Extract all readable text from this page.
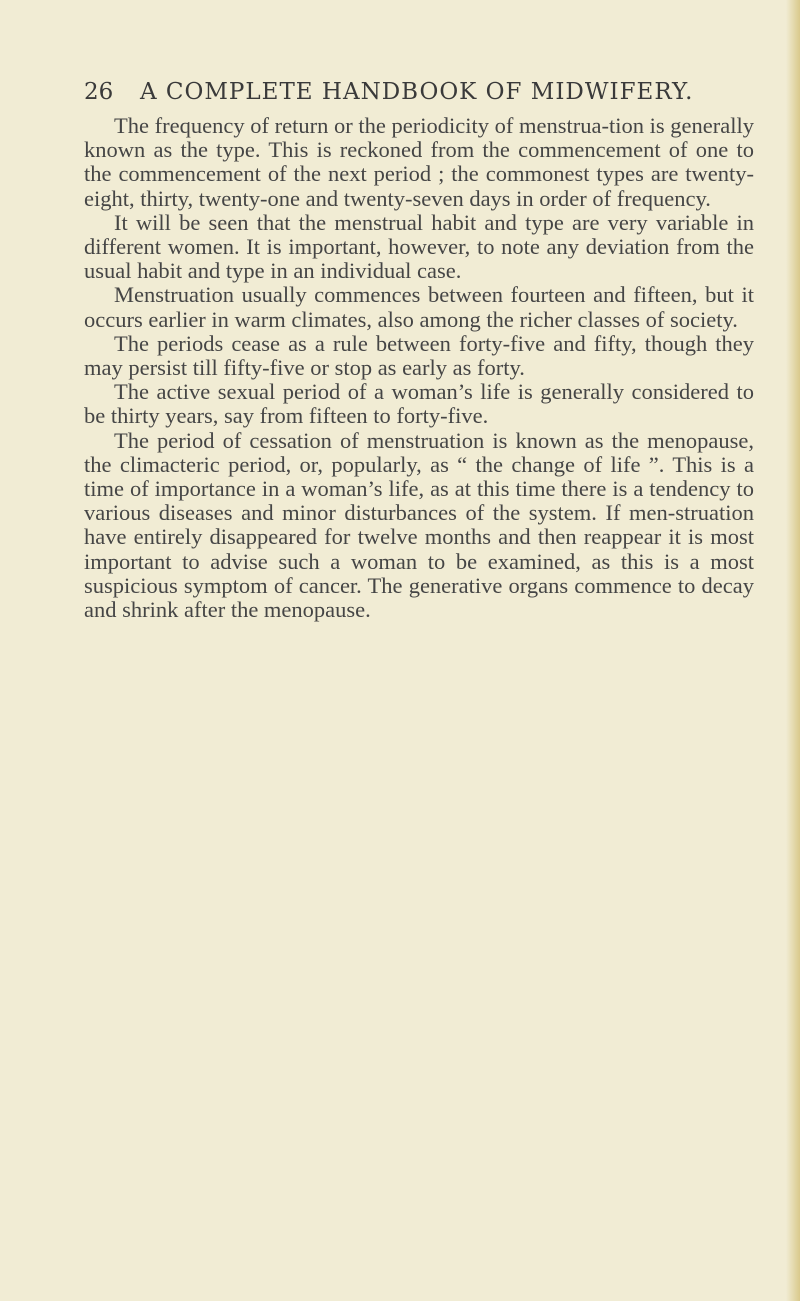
26 A COMPLETE HANDBOOK OF MIDWIFERY.

The frequency of return or the periodicity of menstrua-tion is generally known as the type. This is reckoned from the commencement of one to the commencement of the next period ; the commonest types are twenty-eight, thirty, twenty-one and twenty-seven days in order of frequency.

It will be seen that the menstrual habit and type are very variable in different women. It is important, however, to note any deviation from the usual habit and type in an individual case.

Menstruation usually commences between fourteen and fifteen, but it occurs earlier in warm climates, also among the richer classes of society.

The periods cease as a rule between forty-five and fifty, though they may persist till fifty-five or stop as early as forty.

The active sexual period of a woman’s life is generally considered to be thirty years, say from fifteen to forty-five.

The period of cessation of menstruation is known as the menopause, the climacteric period, or, popularly, as “ the change of life ”. This is a time of importance in a woman’s life, as at this time there is a tendency to various diseases and minor disturbances of the system. If men-struation have entirely disappeared for twelve months and then reappear it is most important to advise such a woman to be examined, as this is a most suspicious symptom of cancer. The generative organs commence to decay and shrink after the menopause.
